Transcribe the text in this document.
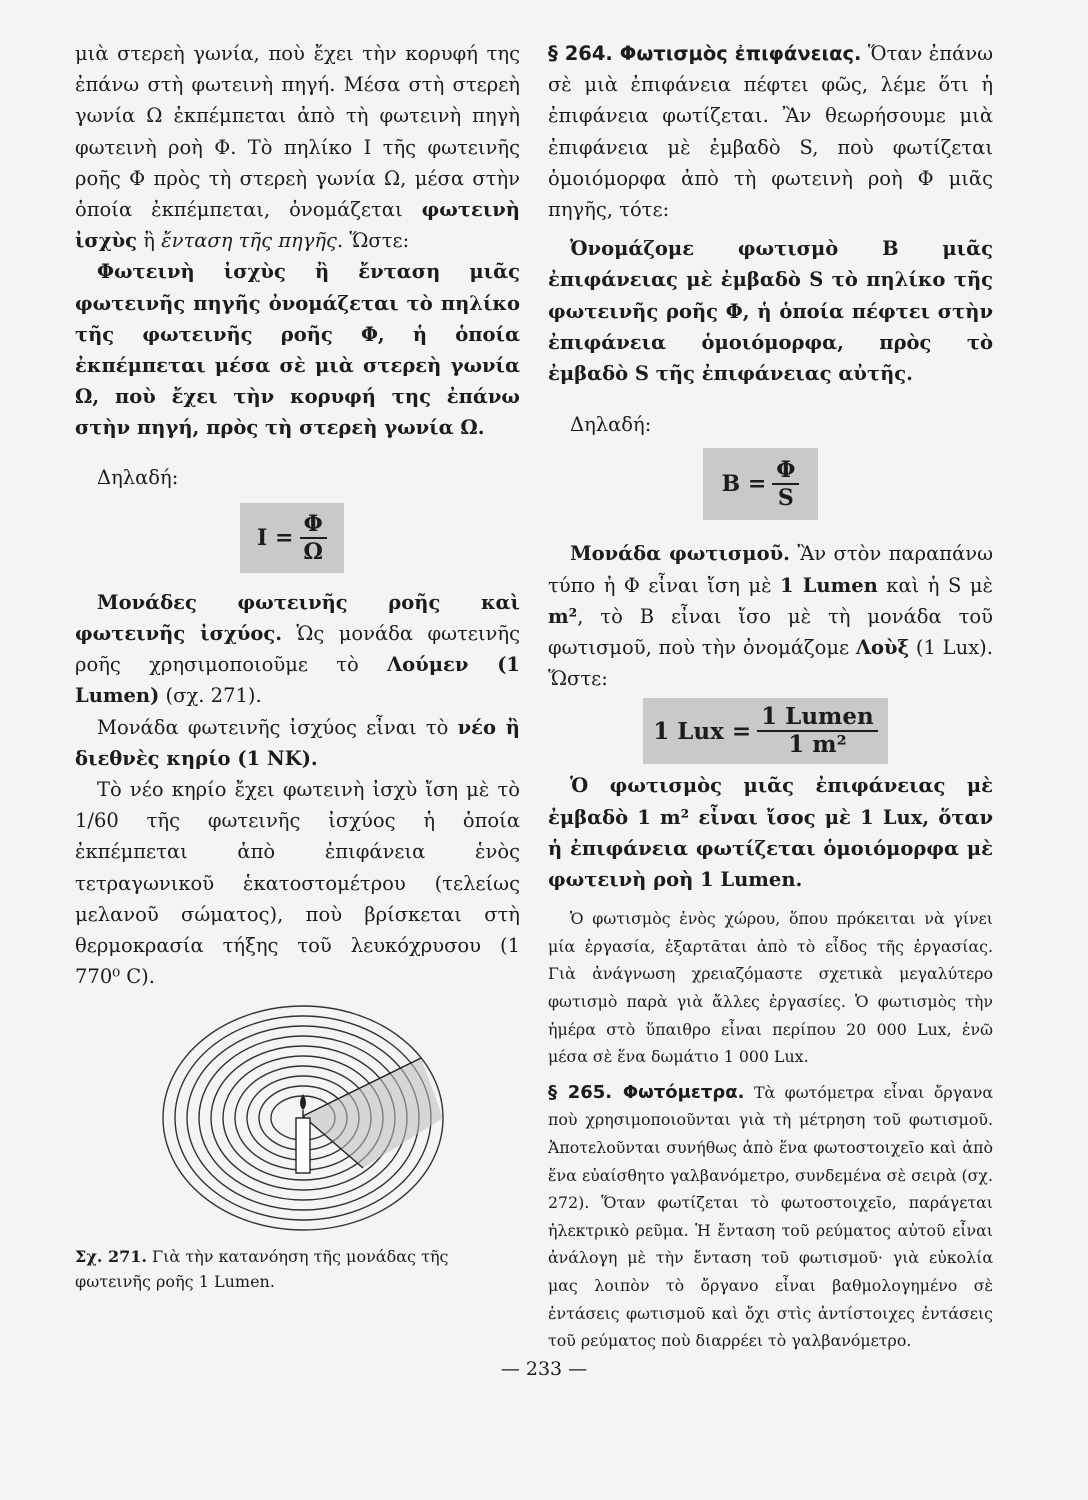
μιὰ στερεὴ γωνία, ποὺ ἔχει τὴν κορυφή της ἐπάνω στὴ φωτεινὴ πηγή. Μέσα στὴ στερεὴ γωνία Ω ἐκπέμπεται ἀπὸ τὴ φωτεινὴ πηγὴ φωτεινὴ ροὴ Φ. Τὸ πηλίκο I τῆς φωτεινῆς ροῆς Φ πρὸς τὴ στερεὴ γωνία Ω, μέσα στὴν ὁποία ἐκπέμπεται, ὀνομάζεται φωτεινὴ ἰσχὺς ἢ ἔνταση τῆς πηγῆς. Ὥστε:

Φωτεινὴ ἰσχὺς ἢ ἔνταση μιᾶς φωτεινῆς πηγῆς ὀνομάζεται τὸ πηλίκο τῆς φωτεινῆς ροῆς Φ, ἡ ὁποία ἐκπέμπεται μέσα σὲ μιὰ στερεὴ γωνία Ω, ποὺ ἔχει τὴν κορυφή της ἐπάνω στὴν πηγή, πρὸς τὴ στερεὴ γωνία Ω.

Δηλαδή:

$I = \frac{\Phi}{\Omega}$

Μονάδες φωτεινῆς ροῆς καὶ φωτεινῆς ἰσχύος. Ὡς μονάδα φωτεινῆς ροῆς χρησιμοποιοῦμε τὸ Λούμεν (1 Lumen) (σχ. 271).

Μονάδα φωτεινῆς ἰσχύος εἶναι τὸ νέο ἢ διεθνὲς κηρίο (1 NK).

Τὸ νέο κηρίο ἔχει φωτεινὴ ἰσχὺ ἴση μὲ τὸ 1/60 τῆς φωτεινῆς ἰσχύος ἡ ὁποία ἐκπέμπεται ἀπὸ ἐπιφάνεια ἑνὸς τετραγωνικοῦ ἑκατοστομέτρου (τελείως μελανοῦ σώματος), ποὺ βρίσκεται στὴ θερμοκρασία τήξης τοῦ λευκόχρυσου (1 770⁰ C).

Σχ. 271. Γιὰ τὴν κατανόηση τῆς μονάδας τῆς φωτεινῆς ροῆς 1 Lumen.

§ 264. Φωτισμὸς ἐπιφάνειας. Ὅταν ἐπάνω σὲ μιὰ ἐπιφάνεια πέφτει φῶς, λέμε ὅτι ἡ ἐπιφάνεια φωτίζεται. Ἂν θεωρήσουμε μιὰ ἐπιφάνεια μὲ ἐμβαδὸ S, ποὺ φωτίζεται ὁμοιόμορφα ἀπὸ τὴ φωτεινὴ ροὴ Φ μιᾶς πηγῆς, τότε:

Ὀνομάζομε φωτισμὸ B μιᾶς ἐπιφάνειας μὲ ἐμβαδὸ S τὸ πηλίκο τῆς φωτεινῆς ροῆς Φ, ἡ ὁποία πέφτει στὴν ἐπιφάνεια ὁμοιόμορφα, πρὸς τὸ ἐμβαδὸ S τῆς ἐπιφάνειας αὐτῆς.

Δηλαδή:

$B = \frac{\Phi}{S}$

Μονάδα φωτισμοῦ. Ἂν στὸν παραπάνω τύπο ἡ Φ εἶναι ἴση μὲ 1 Lumen καὶ ἡ S μὲ m², τὸ B εἶναι ἴσο μὲ τὴ μονάδα τοῦ φωτισμοῦ, ποὺ τὴν ὀνομάζομε Λοὺξ (1 Lux). Ὥστε:

1 Lux = $\frac{\text{1 Lumen}}{\text{1 m²}}$

Ὁ φωτισμὸς μιᾶς ἐπιφάνειας μὲ ἐμβαδὸ 1 m² εἶναι ἴσος μὲ 1 Lux, ὅταν ἡ ἐπιφάνεια φωτίζεται ὁμοιόμορφα μὲ φωτεινὴ ροὴ 1 Lumen.

Ὁ φωτισμὸς ἑνὸς χώρου, ὅπου πρόκειται νὰ γίνει μία ἐργασία, ἐξαρτᾶται ἀπὸ τὸ εἶδος τῆς ἐργασίας. Γιὰ ἀνάγνωση χρειαζόμαστε σχετικὰ μεγαλύτερο φωτισμὸ παρὰ γιὰ ἄλλες ἐργασίες. Ὁ φωτισμὸς τὴν ἡμέρα στὸ ὕπαιθρο εἶναι περίπου 20 000 Lux, ἐνῶ μέσα σὲ ἕνα δωμάτιο 1 000 Lux.

§ 265. Φωτόμετρα. Τὰ φωτόμετρα εἶναι ὄργανα ποὺ χρησιμοποιοῦνται γιὰ τὴ μέτρηση τοῦ φωτισμοῦ. Ἀποτελοῦνται συνήθως ἀπὸ ἕνα φωτοστοιχεῖο καὶ ἀπὸ ἕνα εὐαίσθητο γαλβανόμετρο, συνδεμένα σὲ σειρὰ (σχ. 272). Ὅταν φωτίζεται τὸ φωτοστοιχεῖο, παράγεται ἠλεκτρικὸ ρεῦμα. Ἡ ἔνταση τοῦ ρεύματος αὐτοῦ εἶναι ἀνάλογη μὲ τὴν ἔνταση τοῦ φωτισμοῦ· γιὰ εὐκολία μας λοιπὸν τὸ ὄργανο εἶναι βαθμολογημένο σὲ ἐντάσεις φωτισμοῦ καὶ ὄχι στὶς ἀντίστοιχες ἐντάσεις τοῦ ρεύματος ποὺ διαρρέει τὸ γαλβανόμετρο.

— 233 —
